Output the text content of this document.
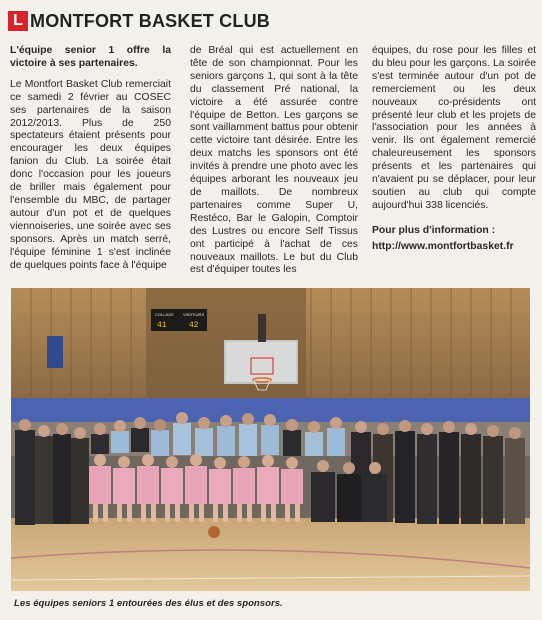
L MONTFORT BASKET CLUB

L'équipe senior 1 offre la victoire à ses partenaires.

Le Montfort Basket Club remerciait ce samedi 2 février au COSEC ses partenaires de la saison 2012/2013. Plus de 250 spectateurs étaient présents pour encourager les deux équipes fanion du Club. La soirée était donc l'occasion pour les joueurs de briller mais également pour l'ensemble du MBC, de partager autour d'un pot et de quelques viennoiseries, une soirée avec ses sponsors. Après un match serré, l'équipe féminine 1 s'est inclinée de quelques points face à l'équipe

de Bréal qui est actuellement en tête de son championnat. Pour les seniors garçons 1, qui sont à la tête du classement Pré national, la victoire a été assurée contre l'équipe de Betton. Les garçons se sont vaillamment battus pour obtenir cette victoire tant désirée. Entre les deux matchs les sponsors ont été invités à prendre une photo avec les équipes arborant les nouveaux jeu de maillots. De nombreux partenaires comme Super U, Restéco, Bar le Galopin, Comptoir des Lustres ou encore Self Tissus ont participé à l'achat de ces nouveaux maillots. Le but du Club est d'équiper toutes les

équipes, du rose pour les filles et du bleu pour les garçons. La soirée s'est terminée autour d'un pot de remerciement ou les deux nouveaux co-présidents ont présenté leur club et les projets de l'association pour les années à venir. Ils ont également remercié chaleureusement les sponsors présents et les partenaires qui n'avaient pu se déplacer, pour leur soutien au club qui compte aujourd'hui 338 licenciés.

Pour plus d'information :

http://www.montfortbasket.fr
COLLAGE VISITEURS
41	42
Les équipes seniors 1 entourées des élus et des sponsors.
